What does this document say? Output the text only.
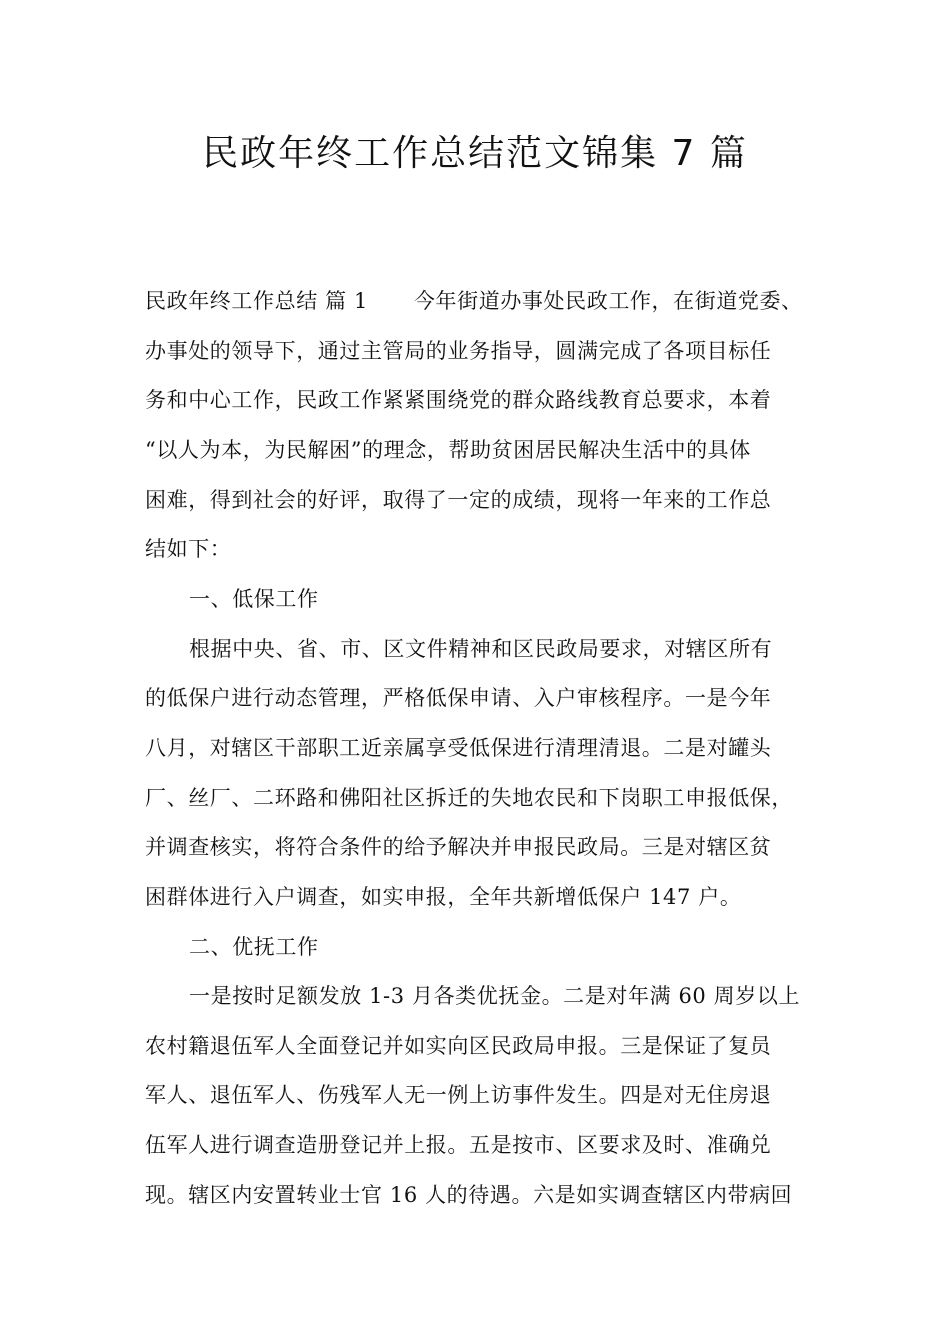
民政年终工作总结范文锦集 7 篇
民政年终工作总结 篇 1 今年街道办事处民政工作，在街道党委、
办事处的领导下，通过主管局的业务指导，圆满完成了各项目标任
务和中心工作，民政工作紧紧围绕党的群众路线教育总要求，本着
“以人为本，为民解困”的理念，帮助贫困居民解决生活中的具体
困难，得到社会的好评，取得了一定的成绩，现将一年来的工作总
结如下：
一、低保工作
根据中央、省、市、区文件精神和区民政局要求，对辖区所有
的低保户进行动态管理，严格低保申请、入户审核程序。一是今年
八月，对辖区干部职工近亲属享受低保进行清理清退。二是对罐头
厂、丝厂、二环路和佛阳社区拆迁的失地农民和下岗职工申报低保，
并调查核实，将符合条件的给予解决并申报民政局。三是对辖区贫
困群体进行入户调查，如实申报，全年共新增低保户 147 户。
二、优抚工作
一是按时足额发放 1-3 月各类优抚金。二是对年满 60 周岁以上
农村籍退伍军人全面登记并如实向区民政局申报。三是保证了复员
军人、退伍军人、伤残军人无一例上访事件发生。四是对无住房退
伍军人进行调查造册登记并上报。五是按市、区要求及时、准确兑
现。辖区内安置转业士官 16 人的待遇。六是如实调查辖区内带病回
